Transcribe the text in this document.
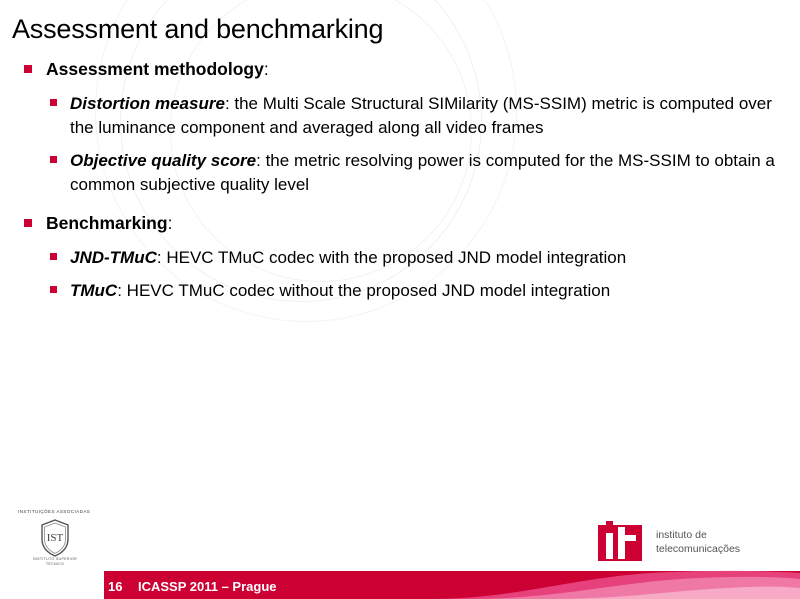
Assessment and benchmarking
Assessment methodology:
Distortion measure: the Multi Scale Structural SIMilarity (MS-SSIM) metric is computed over the luminance component and averaged along all video frames
Objective quality score: the metric resolving power is computed for the MS-SSIM to obtain a common subjective quality level
Benchmarking:
JND-TMuC: HEVC TMuC codec with the proposed JND model integration
TMuC: HEVC TMuC codec without the proposed JND model integration
16 ICASSP 2011 – Prague
INSTITUIÇÕES ASSOCIADAS
IST
INSTITUTO SUPERIOR TÉCNICO
instituto de
telecomunicações
